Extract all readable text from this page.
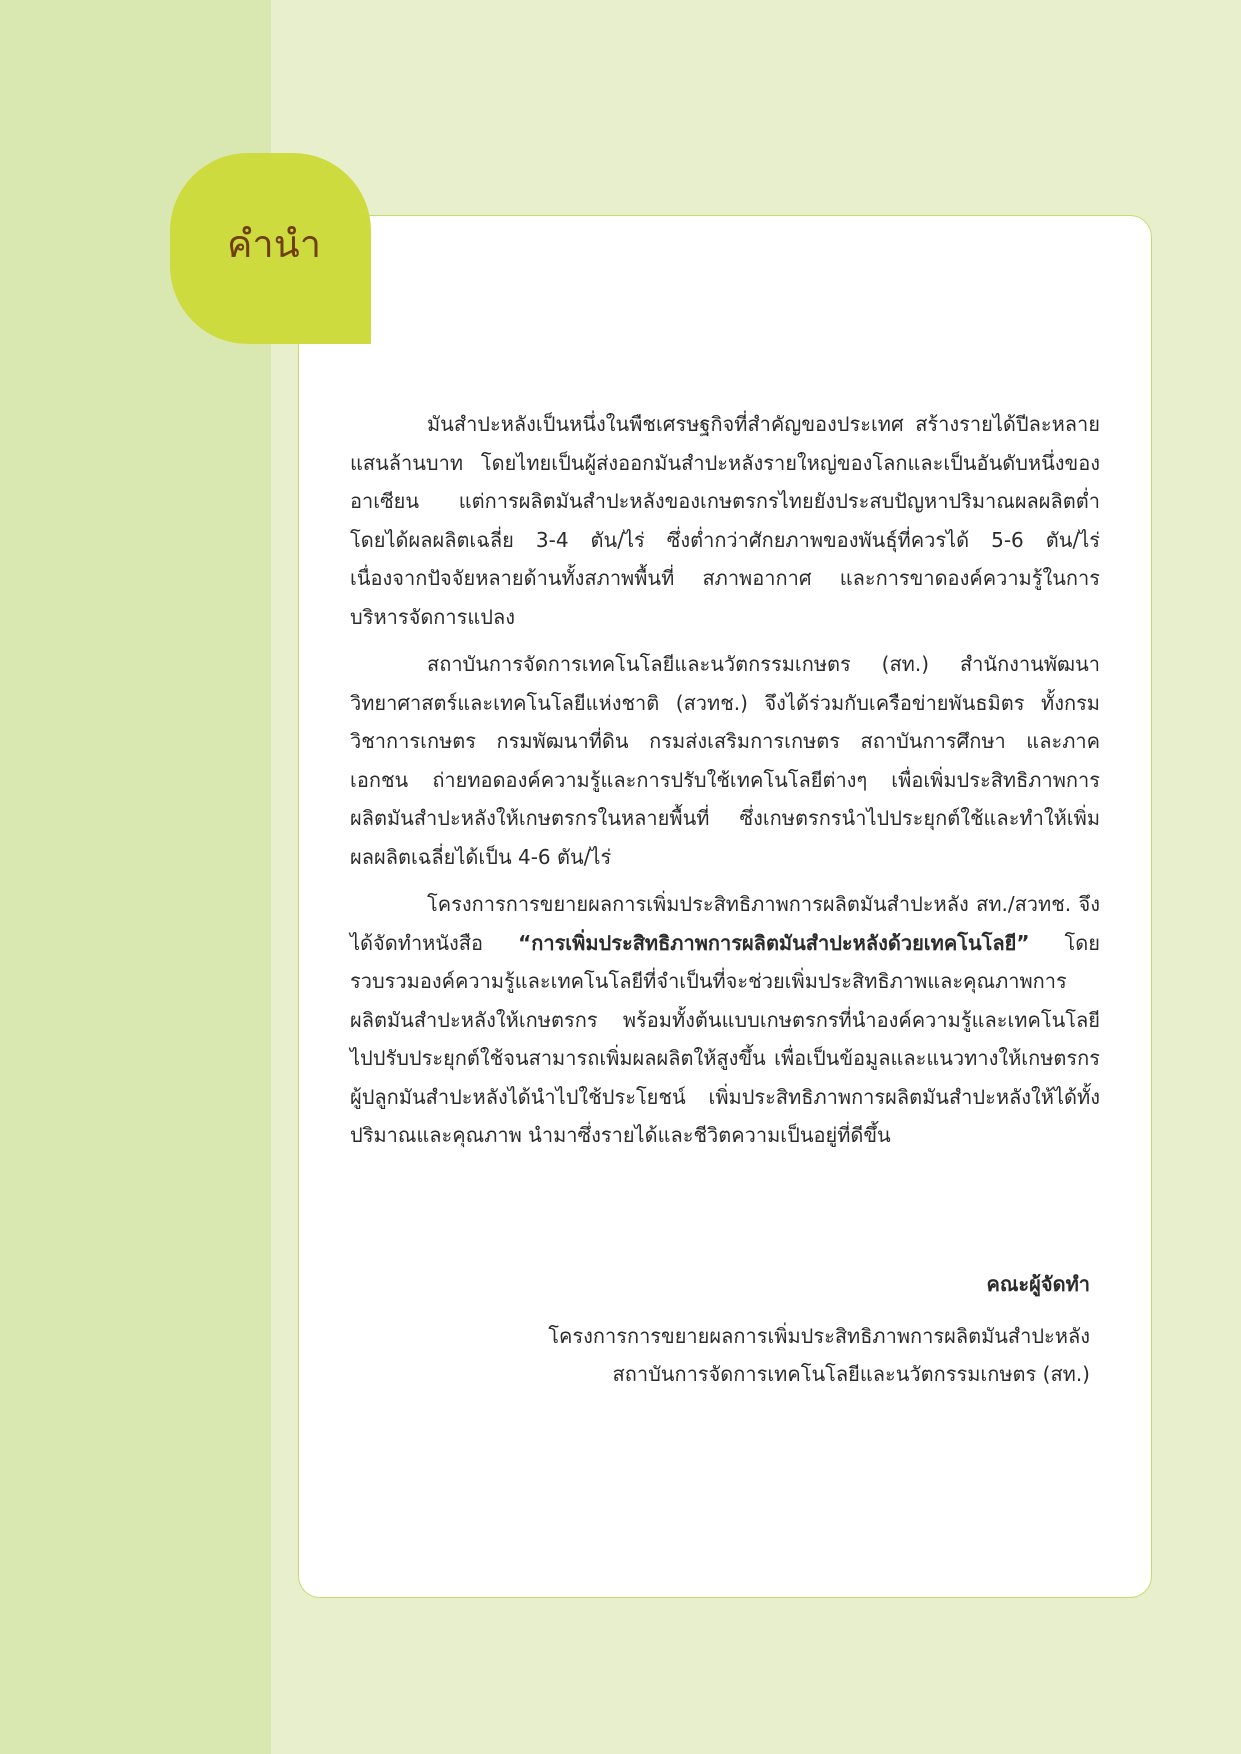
คำนำ

มันสำปะหลังเป็นหนึ่งในพืชเศรษฐกิจที่สำคัญของประเทศ สร้างรายได้ปีละหลายแสนล้านบาท โดยไทยเป็นผู้ส่งออกมันสำปะหลังรายใหญ่ของโลกและเป็นอันดับหนึ่งของอาเซียน แต่การผลิตมันสำปะหลังของเกษตรกรไทยยังประสบปัญหาปริมาณผลผลิตต่ำ โดยได้ผลผลิตเฉลี่ย 3-4 ตัน/ไร่ ซึ่งต่ำกว่าศักยภาพของพันธุ์ที่ควรได้ 5-6 ตัน/ไร่ เนื่องจากปัจจัยหลายด้านทั้งสภาพพื้นที่ สภาพอากาศ และการขาดองค์ความรู้ในการบริหารจัดการแปลง

สถาบันการจัดการเทคโนโลยีและนวัตกรรมเกษตร (สท.) สำนักงานพัฒนาวิทยาศาสตร์และเทคโนโลยีแห่งชาติ (สวทช.) จึงได้ร่วมกับเครือข่ายพันธมิตร ทั้งกรมวิชาการเกษตร กรมพัฒนาที่ดิน กรมส่งเสริมการเกษตร สถาบันการศึกษา และภาคเอกชน ถ่ายทอดองค์ความรู้และการปรับใช้เทคโนโลยีต่างๆ เพื่อเพิ่มประสิทธิภาพการผลิตมันสำปะหลังให้เกษตรกรในหลายพื้นที่ ซึ่งเกษตรกรนำไปประยุกต์ใช้และทำให้เพิ่มผลผลิตเฉลี่ยได้เป็น 4-6 ตัน/ไร่

โครงการการขยายผลการเพิ่มประสิทธิภาพการผลิตมันสำปะหลัง สท./สวทช. จึงได้จัดทำหนังสือ “การเพิ่มประสิทธิภาพการผลิตมันสำปะหลังด้วยเทคโนโลยี” โดยรวบรวมองค์ความรู้และเทคโนโลยีที่จำเป็นที่จะช่วยเพิ่มประสิทธิภาพและคุณภาพการผลิตมันสำปะหลังให้เกษตรกร พร้อมทั้งต้นแบบเกษตรกรที่นำองค์ความรู้และเทคโนโลยีไปปรับประยุกต์ใช้จนสามารถเพิ่มผลผลิตให้สูงขึ้น เพื่อเป็นข้อมูลและแนวทางให้เกษตรกรผู้ปลูกมันสำปะหลังได้นำไปใช้ประโยชน์ เพิ่มประสิทธิภาพการผลิตมันสำปะหลังให้ได้ทั้งปริมาณและคุณภาพ นำมาซึ่งรายได้และชีวิตความเป็นอยู่ที่ดีขึ้น

คณะผู้จัดทำ
โครงการการขยายผลการเพิ่มประสิทธิภาพการผลิตมันสำปะหลัง
สถาบันการจัดการเทคโนโลยีและนวัตกรรมเกษตร (สท.)
